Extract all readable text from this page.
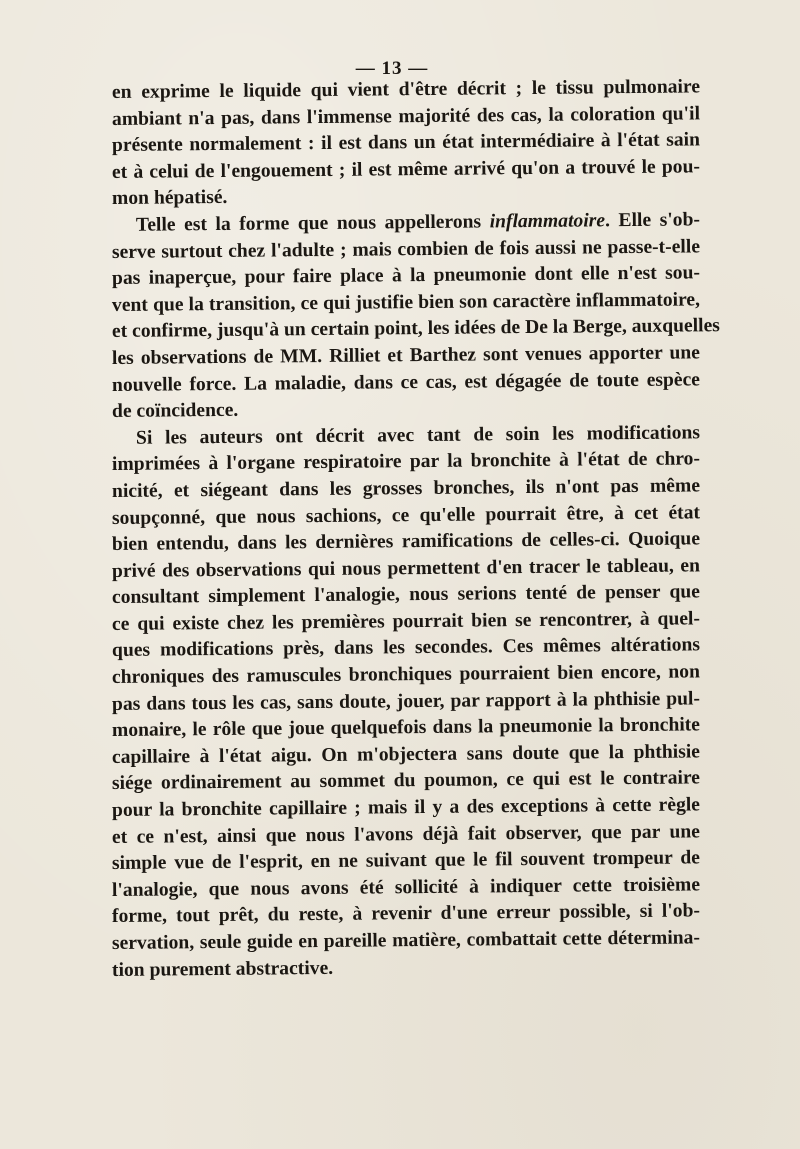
— 13 —
en exprime le liquide qui vient d'être décrit ; le tissu pulmonaire
ambiant n'a pas, dans l'immense majorité des cas, la coloration qu'il
présente normalement : il est dans un état intermédiaire à l'état sain
et à celui de l'engouement ; il est même arrivé qu'on a trouvé le pou-
mon hépatisé.
Telle est la forme que nous appellerons inflammatoire. Elle s'ob-
serve surtout chez l'adulte ; mais combien de fois aussi ne passe-t-elle
pas inaperçue, pour faire place à la pneumonie dont elle n'est sou-
vent que la transition, ce qui justifie bien son caractère inflammatoire,
et confirme, jusqu'à un certain point, les idées de De la Berge, auxquelles
les observations de MM. Rilliet et Barthez sont venues apporter une
nouvelle force. La maladie, dans ce cas, est dégagée de toute espèce
de coïncidence.
Si les auteurs ont décrit avec tant de soin les modifications
imprimées à l'organe respiratoire par la bronchite à l'état de chro-
nicité, et siégeant dans les grosses bronches, ils n'ont pas même
soupçonné, que nous sachions, ce qu'elle pourrait être, à cet état
bien entendu, dans les dernières ramifications de celles-ci. Quoique
privé des observations qui nous permettent d'en tracer le tableau, en
consultant simplement l'analogie, nous serions tenté de penser que
ce qui existe chez les premières pourrait bien se rencontrer, à quel-
ques modifications près, dans les secondes. Ces mêmes altérations
chroniques des ramuscules bronchiques pourraient bien encore, non
pas dans tous les cas, sans doute, jouer, par rapport à la phthisie pul-
monaire, le rôle que joue quelquefois dans la pneumonie la bronchite
capillaire à l'état aigu. On m'objectera sans doute que la phthisie
siége ordinairement au sommet du poumon, ce qui est le contraire
pour la bronchite capillaire ; mais il y a des exceptions à cette règle
et ce n'est, ainsi que nous l'avons déjà fait observer, que par une
simple vue de l'esprit, en ne suivant que le fil souvent trompeur de
l'analogie, que nous avons été sollicité à indiquer cette troisième
forme, tout prêt, du reste, à revenir d'une erreur possible, si l'ob-
servation, seule guide en pareille matière, combattait cette détermina-
tion purement abstractive.
